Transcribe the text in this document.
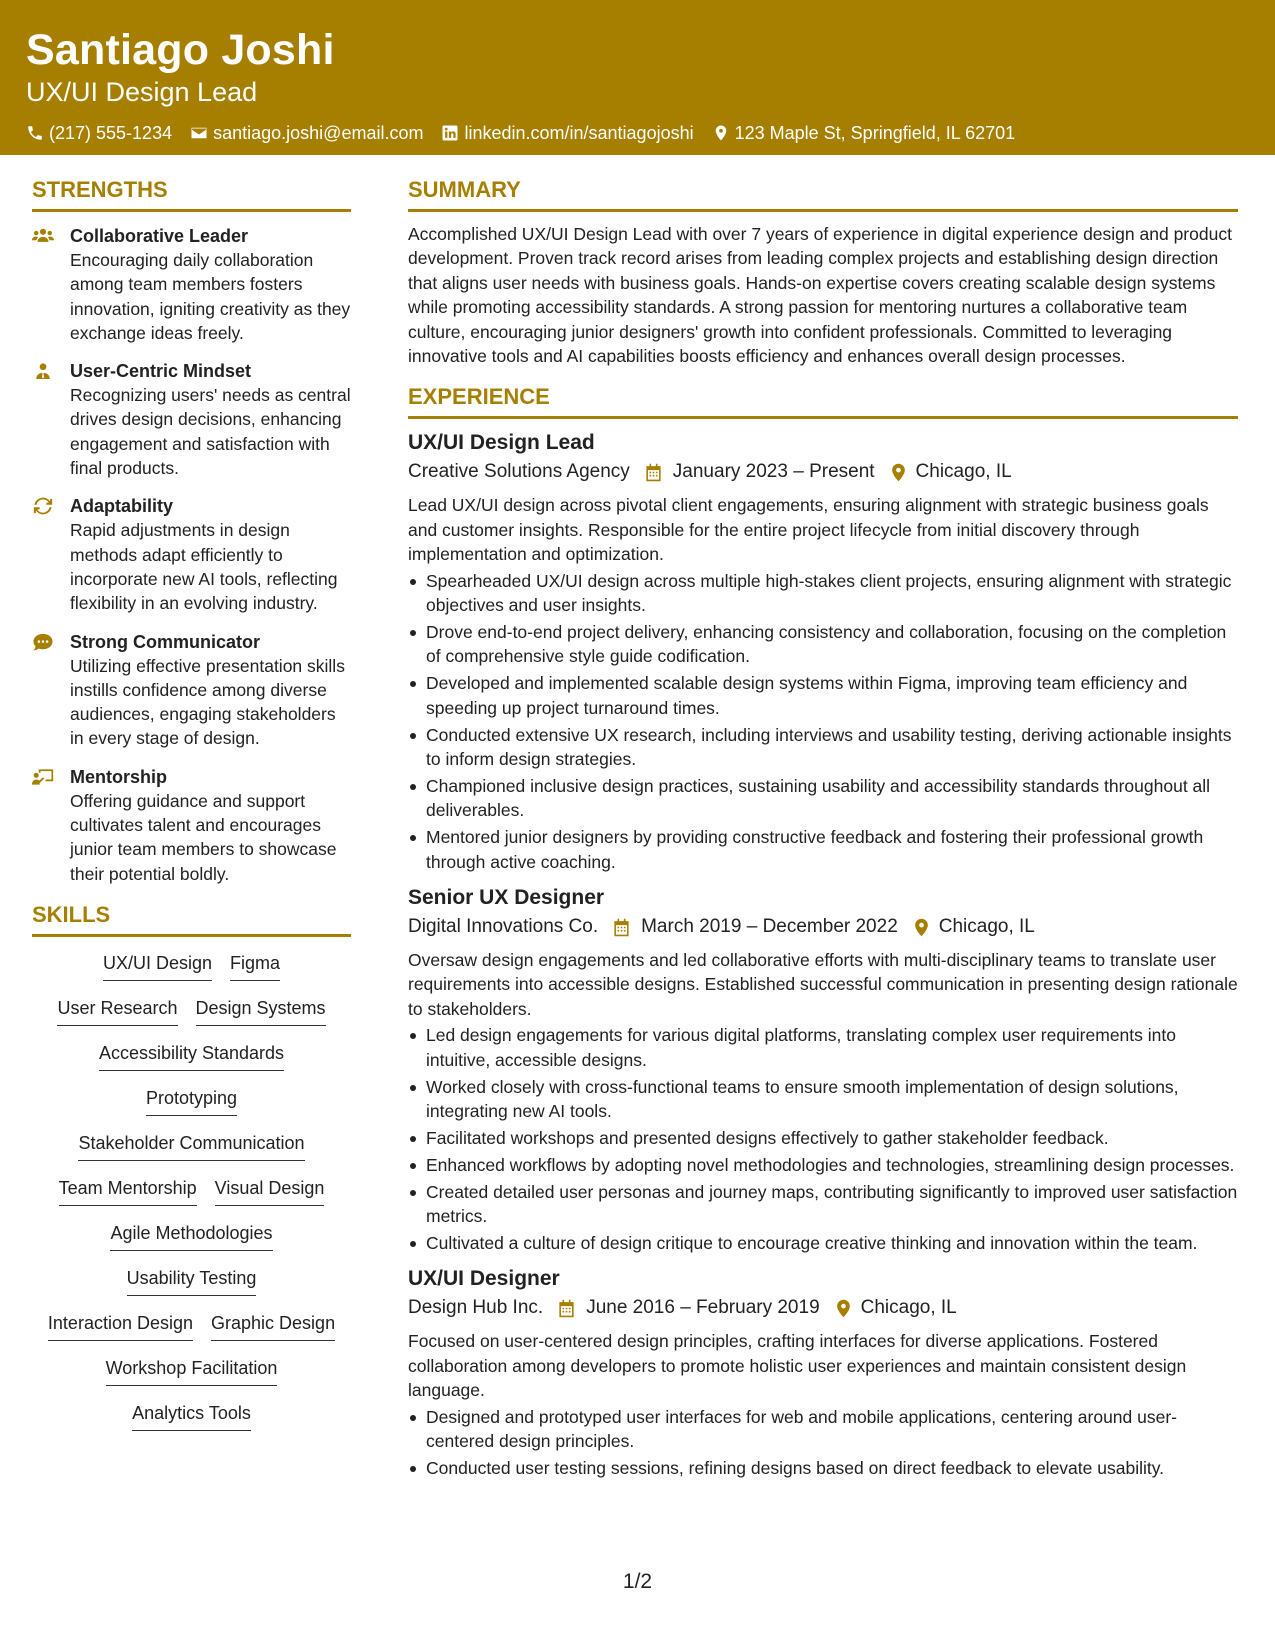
Santiago Joshi
UX/UI Design Lead
(217) 555-1234 santiago.joshi@email.com linkedin.com/in/santiagojoshi 123 Maple St, Springfield, IL 62701
STRENGTHS
Collaborative Leader
Encouraging daily collaboration among team members fosters innovation, igniting creativity as they exchange ideas freely.
User-Centric Mindset
Recognizing users' needs as central drives design decisions, enhancing engagement and satisfaction with final products.
Adaptability
Rapid adjustments in design methods adapt efficiently to incorporate new AI tools, reflecting flexibility in an evolving industry.
Strong Communicator
Utilizing effective presentation skills instills confidence among diverse audiences, engaging stakeholders in every stage of design.
Mentorship
Offering guidance and support cultivates talent and encourages junior team members to showcase their potential boldly.
SKILLS
UX/UI Design Figma
User Research Design Systems
Accessibility Standards
Prototyping
Stakeholder Communication
Team Mentorship Visual Design
Agile Methodologies
Usability Testing
Interaction Design Graphic Design
Workshop Facilitation
Analytics Tools
SUMMARY

Accomplished UX/UI Design Lead with over 7 years of experience in digital experience design and product development. Proven track record arises from leading complex projects and establishing design direction that aligns user needs with business goals. Hands-on expertise covers creating scalable design systems while promoting accessibility standards. A strong passion for mentoring nurtures a collaborative team culture, encouraging junior designers' growth into confident professionals. Committed to leveraging innovative tools and AI capabilities boosts efficiency and enhances overall design processes.

EXPERIENCE
UX/UI Design Lead
Creative Solutions Agency January 2023 – Present Chicago, IL

Lead UX/UI design across pivotal client engagements, ensuring alignment with strategic business goals and customer insights. Responsible for the entire project lifecycle from initial discovery through implementation and optimization.

Spearheaded UX/UI design across multiple high-stakes client projects, ensuring alignment with strategic objectives and user insights.
Drove end-to-end project delivery, enhancing consistency and collaboration, focusing on the completion of comprehensive style guide codification.
Developed and implemented scalable design systems within Figma, improving team efficiency and speeding up project turnaround times.
Conducted extensive UX research, including interviews and usability testing, deriving actionable insights to inform design strategies.
Championed inclusive design practices, sustaining usability and accessibility standards throughout all deliverables.
Mentored junior designers by providing constructive feedback and fostering their professional growth through active coaching.
Senior UX Designer
Digital Innovations Co. March 2019 – December 2022 Chicago, IL

Oversaw design engagements and led collaborative efforts with multi-disciplinary teams to translate user requirements into accessible designs. Established successful communication in presenting design rationale to stakeholders.

Led design engagements for various digital platforms, translating complex user requirements into intuitive, accessible designs.
Worked closely with cross-functional teams to ensure smooth implementation of design solutions, integrating new AI tools.
Facilitated workshops and presented designs effectively to gather stakeholder feedback.
Enhanced workflows by adopting novel methodologies and technologies, streamlining design processes.
Created detailed user personas and journey maps, contributing significantly to improved user satisfaction metrics.
Cultivated a culture of design critique to encourage creative thinking and innovation within the team.
UX/UI Designer
Design Hub Inc. June 2016 – February 2019 Chicago, IL

Focused on user-centered design principles, crafting interfaces for diverse applications. Fostered collaboration among developers to promote holistic user experiences and maintain consistent design language.

Designed and prototyped user interfaces for web and mobile applications, centering around user-centered design principles.
Conducted user testing sessions, refining designs based on direct feedback to elevate usability.
1/2
